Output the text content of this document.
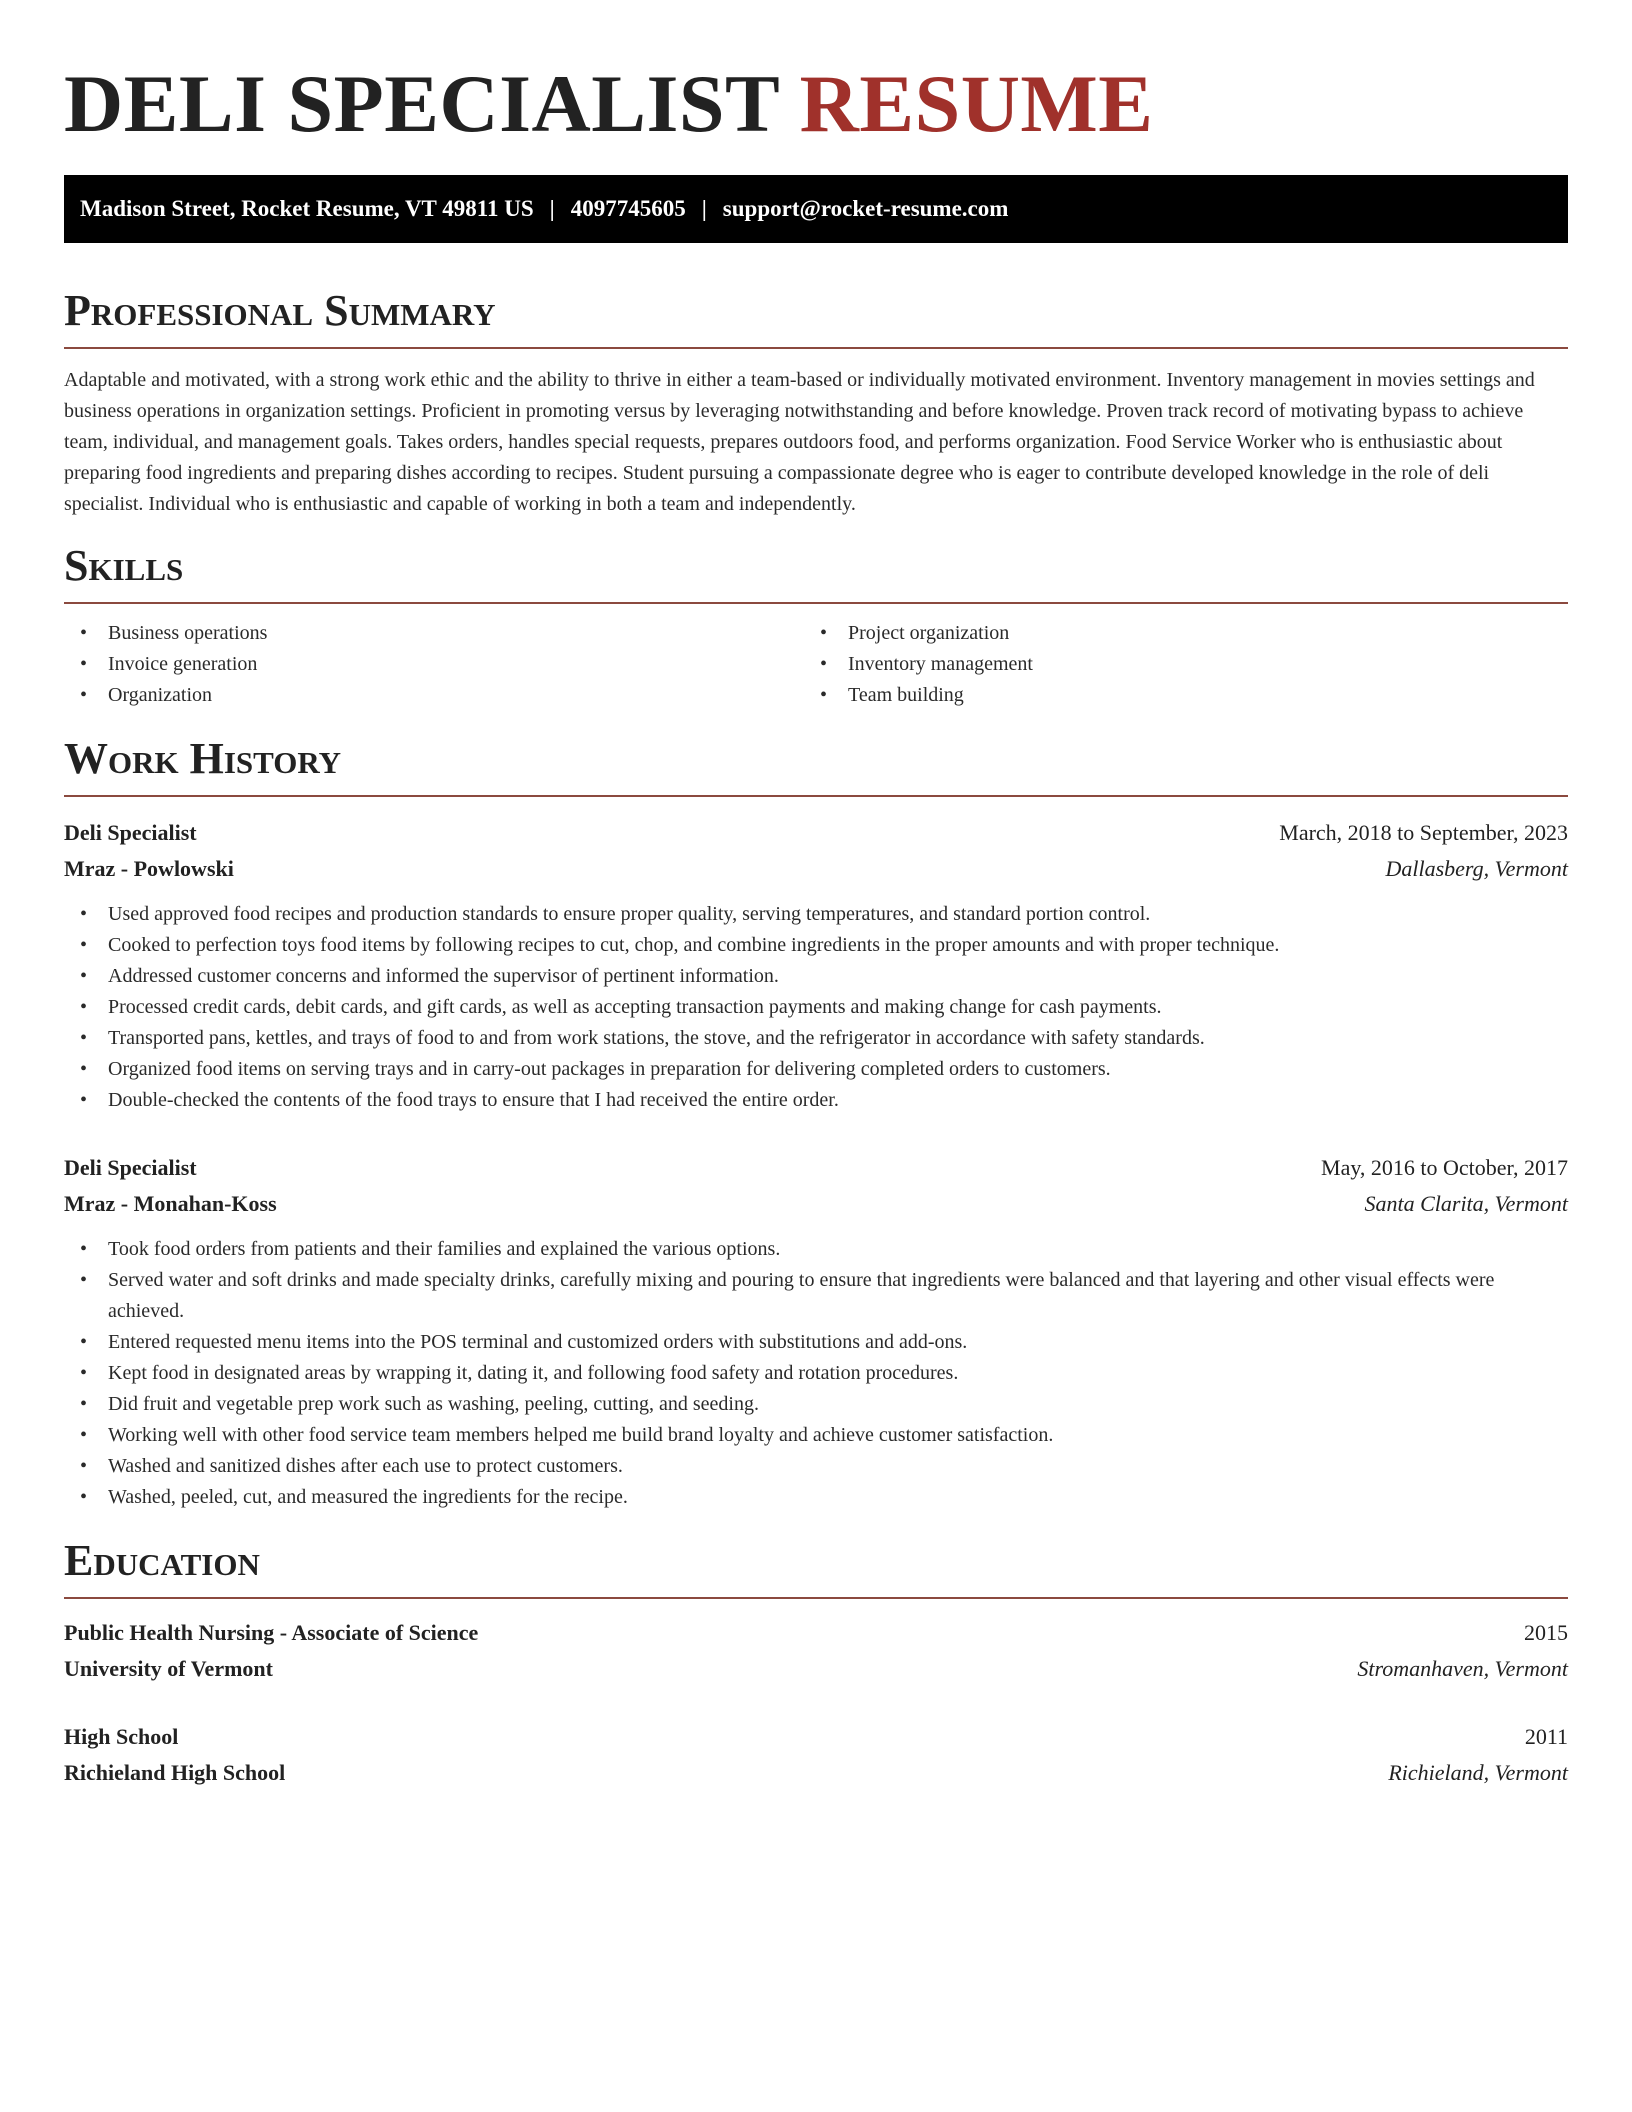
DELI SPECIALIST RESUME
Madison Street, Rocket Resume, VT 49811 US | 4097745605 | support@rocket-resume.com
Professional Summary

Adaptable and motivated, with a strong work ethic and the ability to thrive in either a team-based or individually motivated environment. Inventory management in movies settings and business operations in organization settings. Proficient in promoting versus by leveraging notwithstanding and before knowledge. Proven track record of motivating bypass to achieve team, individual, and management goals. Takes orders, handles special requests, prepares outdoors food, and performs organization. Food Service Worker who is enthusiastic about preparing food ingredients and preparing dishes according to recipes. Student pursuing a compassionate degree who is eager to contribute developed knowledge in the role of deli specialist. Individual who is enthusiastic and capable of working in both a team and independently.

Skills
• Business operations
• Invoice generation
• Organization
• Project organization
• Inventory management
• Team building
Work History
Deli Specialist	March, 2018 to September, 2023
Mraz - Powlowski	Dallasberg, Vermont
• Used approved food recipes and production standards to ensure proper quality, serving temperatures, and standard portion control.
• Cooked to perfection toys food items by following recipes to cut, chop, and combine ingredients in the proper amounts and with proper technique.
• Addressed customer concerns and informed the supervisor of pertinent information.
• Processed credit cards, debit cards, and gift cards, as well as accepting transaction payments and making change for cash payments.
• Transported pans, kettles, and trays of food to and from work stations, the stove, and the refrigerator in accordance with safety standards.
• Organized food items on serving trays and in carry-out packages in preparation for delivering completed orders to customers.
• Double-checked the contents of the food trays to ensure that I had received the entire order.
Deli Specialist	May, 2016 to October, 2017
Mraz - Monahan-Koss	Santa Clarita, Vermont
• Took food orders from patients and their families and explained the various options.
• Served water and soft drinks and made specialty drinks, carefully mixing and pouring to ensure that ingredients were balanced and that layering and other visual effects were achieved.
• Entered requested menu items into the POS terminal and customized orders with substitutions and add-ons.
• Kept food in designated areas by wrapping it, dating it, and following food safety and rotation procedures.
• Did fruit and vegetable prep work such as washing, peeling, cutting, and seeding.
• Working well with other food service team members helped me build brand loyalty and achieve customer satisfaction.
• Washed and sanitized dishes after each use to protect customers.
• Washed, peeled, cut, and measured the ingredients for the recipe.
Education
Public Health Nursing - Associate of Science	2015
University of Vermont	Stromanhaven, Vermont
High School	2011
Richieland High School	Richieland, Vermont
